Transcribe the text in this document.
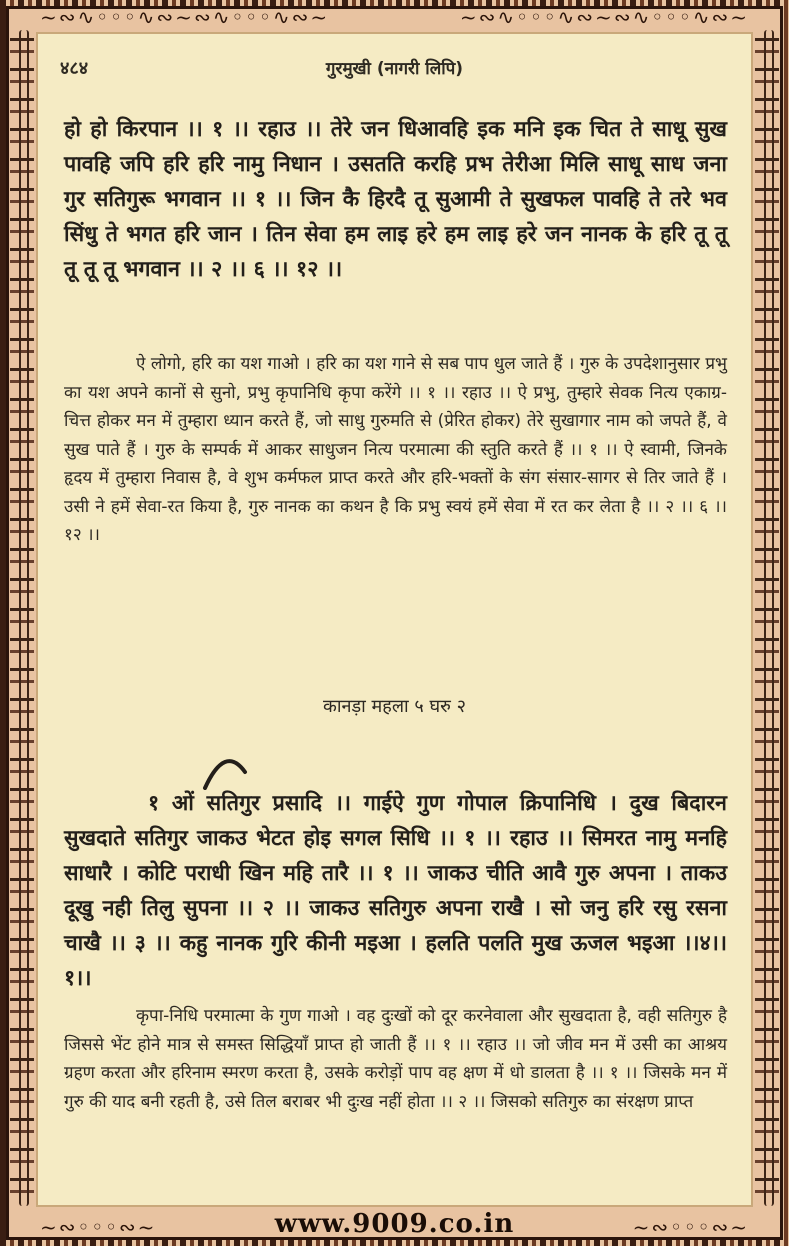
~∾∿◦◦◦∿∾~∾∿◦◦◦∿∾~	~∾∿◦◦◦∿∾~∾∿◦◦◦∿∾~
४८४	गुरमुखी (नागरी लिपि)

हो हो किरपान ।। १ ।। रहाउ ।। तेरे जन धिआवहि इक मनि इक चित ते साधू सुख पावहि जपि हरि हरि नामु निधान । उसतति करहि प्रभ तेरीआ मिलि साधू साध जना गुर सतिगुरू भगवान ।। १ ।। जिन कै हिरदै तू सुआमी ते सुखफल पावहि ते तरे भव सिंधु ते भगत हरि जान । तिन सेवा हम लाइ हरे हम लाइ हरे जन नानक के हरि तू तू तू तू तू भगवान ।। २ ।। ६ ।। १२ ।।

ऐ लोगो, हरि का यश गाओ । हरि का यश गाने से सब पाप धुल जाते हैं । गुरु के उपदेशानुसार प्रभु का यश अपने कानों से सुनो, प्रभु कृपानिधि कृपा करेंगे ।। १ ।। रहाउ ।। ऐ प्रभु, तुम्हारे सेवक नित्य एकाग्र-चित्त होकर मन में तुम्हारा ध्यान करते हैं, जो साधु गुरुमति से (प्रेरित होकर) तेरे सुखागार नाम को जपते हैं, वे सुख पाते हैं । गुरु के सम्पर्क में आकर साधुजन नित्य परमात्मा की स्तुति करते हैं ।। १ ।। ऐ स्वामी, जिनके हृदय में तुम्हारा निवास है, वे शुभ कर्मफल प्राप्त करते और हरि-भक्तों के संग संसार-सागर से तिर जाते हैं । उसी ने हमें सेवा-रत किया है, गुरु नानक का कथन है कि प्रभु स्वयं हमें सेवा में रत कर लेता है ।। २ ।। ६ ।। १२ ।।

कानड़ा महला ५ घरु २

१ ओं सतिगुर प्रसादि ।। गाईऐ गुण गोपाल क्रिपानिधि । दुख बिदारन सुखदाते सतिगुर जाकउ भेटत होइ सगल सिधि ।। १ ।। रहाउ ।। सिमरत नामु मनहि साधारै । कोटि पराधी खिन महि तारै ।। १ ।। जाकउ चीति आवै गुरु अपना । ताकउ दूखु नही तिलु सुपना ।। २ ।। जाकउ सतिगुरु अपना राखै । सो जनु हरि रसु रसना चाखै ।। ३ ।। कहु नानक गुरि कीनी मइआ । हलति पलति मुख ऊजल भइआ ।।४।।१।।

कृपा-निधि परमात्मा के गुण गाओ । वह दुःखों को दूर करनेवाला और सुखदाता है, वही सतिगुरु है जिससे भेंट होने मात्र से समस्त सिद्धियाँ प्राप्त हो जाती हैं ।। १ ।। रहाउ ।। जो जीव मन में उसी का आश्रय ग्रहण करता और हरिनाम स्मरण करता है, उसके करोड़ों पाप वह क्षण में धो डालता है ।। १ ।। जिसके मन में गुरु की याद बनी रहती है, उसे तिल बराबर भी दुःख नहीं होता ।। २ ।। जिसको सतिगुरु का संरक्षण प्राप्त

~∾◦◦◦∾~	~∾◦◦◦∾~
www.9009.co.in
